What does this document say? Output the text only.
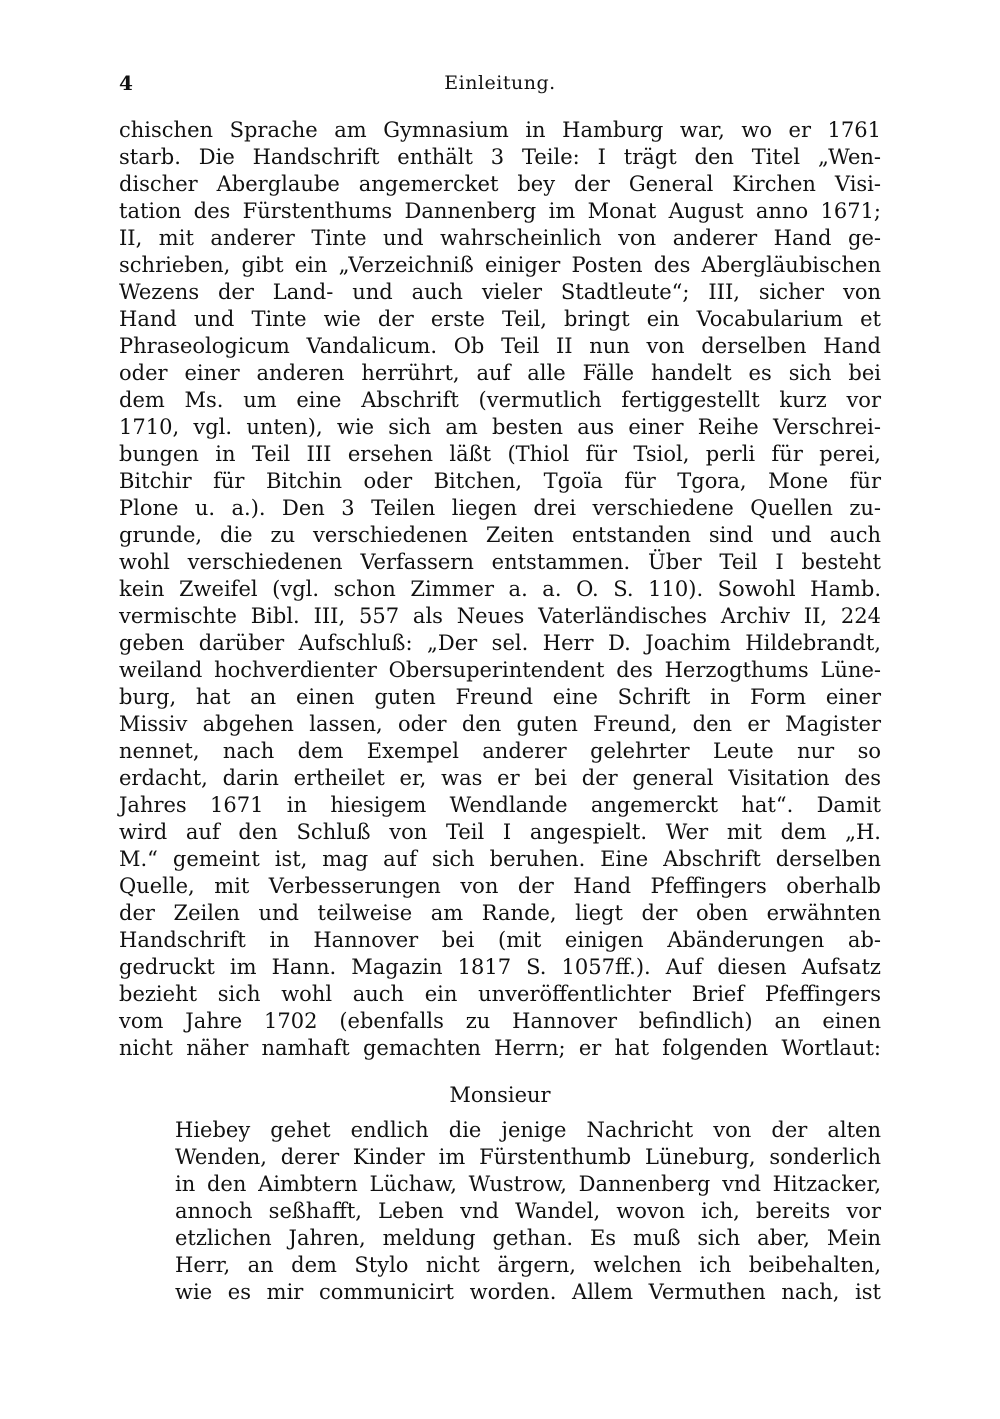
4	Einleitung.
chischen Sprache am Gymnasium in Hamburg war, wo er 1761
starb. Die Handschrift enthält 3 Teile: I trägt den Titel „Wen-
discher Aberglaube angemercket bey der General Kirchen Visi-
tation des Fürstenthums Dannenberg im Monat August anno 1671;
II, mit anderer Tinte und wahrscheinlich von anderer Hand ge-
schrieben, gibt ein „Verzeichniß einiger Posten des Abergläubischen
Wezens der Land- und auch vieler Stadtleute“; III, sicher von
Hand und Tinte wie der erste Teil, bringt ein Vocabularium et
Phraseologicum Vandalicum. Ob Teil II nun von derselben Hand
oder einer anderen herrührt, auf alle Fälle handelt es sich bei
dem Ms. um eine Abschrift (vermutlich fertiggestellt kurz vor
1710, vgl. unten), wie sich am besten aus einer Reihe Verschrei-
bungen in Teil III ersehen läßt (Thiol für Tsiol, perli für perei,
Bitchir für Bitchin oder Bitchen, Tgoïa für Tgora, Mone für
Plone u. a.). Den 3 Teilen liegen drei verschiedene Quellen zu-
grunde, die zu verschiedenen Zeiten entstanden sind und auch
wohl verschiedenen Verfassern entstammen. Über Teil I besteht
kein Zweifel (vgl. schon Zimmer a. a. O. S. 110). Sowohl Hamb.
vermischte Bibl. III, 557 als Neues Vaterländisches Archiv II, 224
geben darüber Aufschluß: „Der sel. Herr D. Joachim Hildebrandt,
weiland hochverdienter Obersuperintendent des Herzogthums Lüne-
burg, hat an einen guten Freund eine Schrift in Form einer
Missiv abgehen lassen, oder den guten Freund, den er Magister
nennet, nach dem Exempel anderer gelehrter Leute nur so
erdacht, darin ertheilet er, was er bei der general Visitation des
Jahres 1671 in hiesigem Wendlande angemerckt hat“. Damit
wird auf den Schluß von Teil I angespielt. Wer mit dem „H.
M.“ gemeint ist, mag auf sich beruhen. Eine Abschrift derselben
Quelle, mit Verbesserungen von der Hand Pfeffingers oberhalb
der Zeilen und teilweise am Rande, liegt der oben erwähnten
Handschrift in Hannover bei (mit einigen Abänderungen ab-
gedruckt im Hann. Magazin 1817 S. 1057ff.). Auf diesen Aufsatz
bezieht sich wohl auch ein unveröffentlichter Brief Pfeffingers
vom Jahre 1702 (ebenfalls zu Hannover befindlich) an einen
nicht näher namhaft gemachten Herrn; er hat folgenden Wortlaut:
Monsieur
Hiebey gehet endlich die jenige Nachricht von der alten
Wenden, derer Kinder im Fürstenthumb Lüneburg, sonderlich
in den Aimbtern Lüchaw, Wustrow, Dannenberg vnd Hitzacker,
annoch seßhafft, Leben vnd Wandel, wovon ich, bereits vor
etzlichen Jahren, meldung gethan. Es muß sich aber, Mein
Herr, an dem Stylo nicht ärgern, welchen ich beibehalten,
wie es mir communicirt worden. Allem Vermuthen nach, ist
